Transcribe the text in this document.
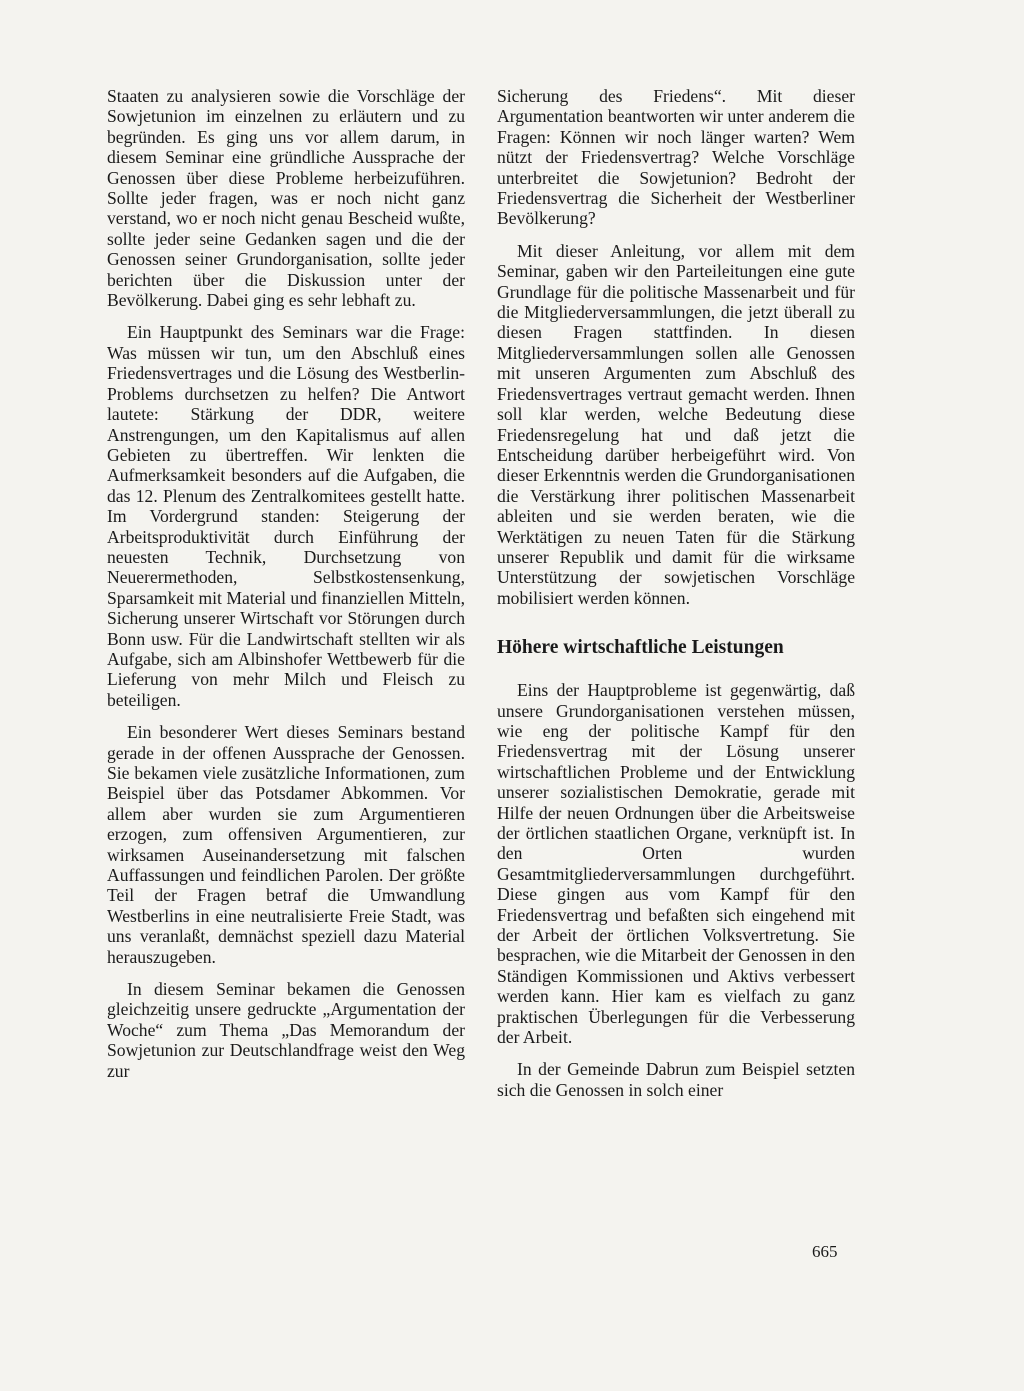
Staaten zu analysieren sowie die Vorschläge der Sowjetunion im einzelnen zu erläutern und zu begründen. Es ging uns vor allem darum, in diesem Seminar eine gründliche Aussprache der Genossen über diese Probleme herbeizuführen. Sollte jeder fragen, was er noch nicht ganz verstand, wo er noch nicht genau Bescheid wußte, sollte jeder seine Gedanken sagen und die der Genossen seiner Grundorganisation, sollte jeder berichten über die Diskussion unter der Bevölkerung. Dabei ging es sehr lebhaft zu.

Ein Hauptpunkt des Seminars war die Frage: Was müssen wir tun, um den Abschluß eines Friedensvertrages und die Lösung des Westberlin-Problems durchsetzen zu helfen? Die Antwort lautete: Stärkung der DDR, weitere Anstrengungen, um den Kapitalismus auf allen Gebieten zu übertreffen. Wir lenkten die Aufmerksamkeit besonders auf die Aufgaben, die das 12. Plenum des Zentralkomitees gestellt hatte. Im Vordergrund standen: Steigerung der Arbeitsproduktivität durch Einführung der neuesten Technik, Durchsetzung von Neuerermethoden, Selbstkostensenkung, Sparsamkeit mit Material und finanziellen Mitteln, Sicherung unserer Wirtschaft vor Störungen durch Bonn usw. Für die Landwirtschaft stellten wir als Aufgabe, sich am Albinshofer Wettbewerb für die Lieferung von mehr Milch und Fleisch zu beteiligen.

Ein besonderer Wert dieses Seminars bestand gerade in der offenen Aussprache der Genossen. Sie bekamen viele zusätzliche Informationen, zum Beispiel über das Potsdamer Abkommen. Vor allem aber wurden sie zum Argumentieren erzogen, zum offensiven Argumentieren, zur wirksamen Auseinandersetzung mit falschen Auffassungen und feindlichen Parolen. Der größte Teil der Fragen betraf die Umwandlung Westberlins in eine neutralisierte Freie Stadt, was uns veranlaßt, demnächst speziell dazu Material herauszugeben.

In diesem Seminar bekamen die Genossen gleichzeitig unsere gedruckte „Argumentation der Woche“ zum Thema „Das Memorandum der Sowjetunion zur Deutschlandfrage weist den Weg zur

Sicherung des Friedens“. Mit dieser Argumentation beantworten wir unter anderem die Fragen: Können wir noch länger warten? Wem nützt der Friedensvertrag? Welche Vorschläge unterbreitet die Sowjetunion? Bedroht der Friedensvertrag die Sicherheit der Westberliner Bevölkerung?

Mit dieser Anleitung, vor allem mit dem Seminar, gaben wir den Parteileitungen eine gute Grundlage für die politische Massenarbeit und für die Mitgliederversammlungen, die jetzt überall zu diesen Fragen stattfinden. In diesen Mitgliederversammlungen sollen alle Genossen mit unseren Argumenten zum Abschluß des Friedensvertrages vertraut gemacht werden. Ihnen soll klar werden, welche Bedeutung diese Friedensregelung hat und daß jetzt die Entscheidung darüber herbeigeführt wird. Von dieser Erkenntnis werden die Grundorganisationen die Verstärkung ihrer politischen Massenarbeit ableiten und sie werden beraten, wie die Werktätigen zu neuen Taten für die Stärkung unserer Republik und damit für die wirksame Unterstützung der sowjetischen Vorschläge mobilisiert werden können.

Höhere wirtschaftliche Leistungen

Eins der Hauptprobleme ist gegenwärtig, daß unsere Grundorganisationen verstehen müssen, wie eng der politische Kampf für den Friedensvertrag mit der Lösung unserer wirtschaftlichen Probleme und der Entwicklung unserer sozialistischen Demokratie, gerade mit Hilfe der neuen Ordnungen über die Arbeitsweise der örtlichen staatlichen Organe, verknüpft ist. In den Orten wurden Gesamtmitgliederversammlungen durchgeführt. Diese gingen aus vom Kampf für den Friedensvertrag und befaßten sich eingehend mit der Arbeit der örtlichen Volksvertretung. Sie besprachen, wie die Mitarbeit der Genossen in den Ständigen Kommissionen und Aktivs verbessert werden kann. Hier kam es vielfach zu ganz praktischen Überlegungen für die Verbesserung der Arbeit.

In der Gemeinde Dabrun zum Beispiel setzten sich die Genossen in solch einer

665
